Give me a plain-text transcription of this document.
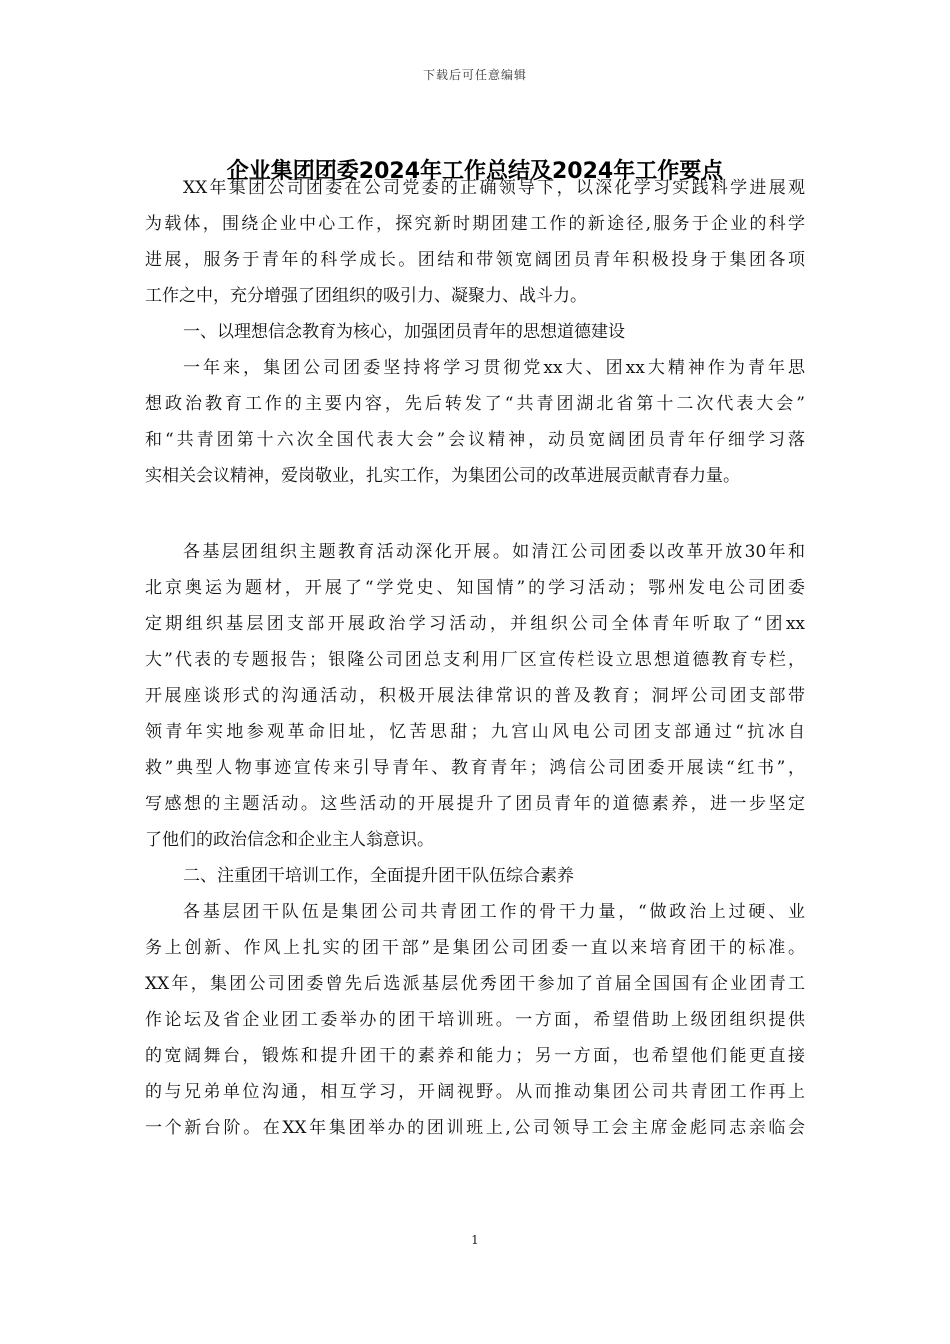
下载后可任意编辑
企业集团团委2024年工作总结及2024年工作要点
XX年集团公司团委在公司党委的正确领导下，以深化学习实践科学进展观
为载体，围绕企业中心工作，探究新时期团建工作的新途径,服务于企业的科学
进展，服务于青年的科学成长。团结和带领宽阔团员青年积极投身于集团各项
工作之中，充分增强了团组织的吸引力、凝聚力、战斗力。
一、以理想信念教育为核心，加强团员青年的思想道德建设
一年来，集团公司团委坚持将学习贯彻党xx大、团xx大精神作为青年思
想政治教育工作的主要内容，先后转发了“共青团湖北省第十二次代表大会”
和“共青团第十六次全国代表大会”会议精神，动员宽阔团员青年仔细学习落
实相关会议精神，爱岗敬业，扎实工作，为集团公司的改革进展贡献青春力量。
各基层团组织主题教育活动深化开展。如清江公司团委以改革开放30年和
北京奥运为题材，开展了“学党史、知国情”的学习活动；鄂州发电公司团委
定期组织基层团支部开展政治学习活动，并组织公司全体青年听取了“团xx
大”代表的专题报告；银隆公司团总支利用厂区宣传栏设立思想道德教育专栏，
开展座谈形式的沟通活动，积极开展法律常识的普及教育；洞坪公司团支部带
领青年实地参观革命旧址，忆苦思甜；九宫山风电公司团支部通过“抗冰自
救”典型人物事迹宣传来引导青年、教育青年；鸿信公司团委开展读“红书”，
写感想的主题活动。这些活动的开展提升了团员青年的道德素养，进一步坚定
了他们的政治信念和企业主人翁意识。
二、注重团干培训工作，全面提升团干队伍综合素养
各基层团干队伍是集团公司共青团工作的骨干力量，“做政治上过硬、业
务上创新、作风上扎实的团干部”是集团公司团委一直以来培育团干的标准。
XX年，集团公司团委曾先后选派基层优秀团干参加了首届全国国有企业团青工
作论坛及省企业团工委举办的团干培训班。一方面，希望借助上级团组织提供
的宽阔舞台，锻炼和提升团干的素养和能力；另一方面，也希望他们能更直接
的与兄弟单位沟通，相互学习，开阔视野。从而推动集团公司共青团工作再上
一个新台阶。在XX年集团举办的团训班上,公司领导工会主席金彪同志亲临会
1
